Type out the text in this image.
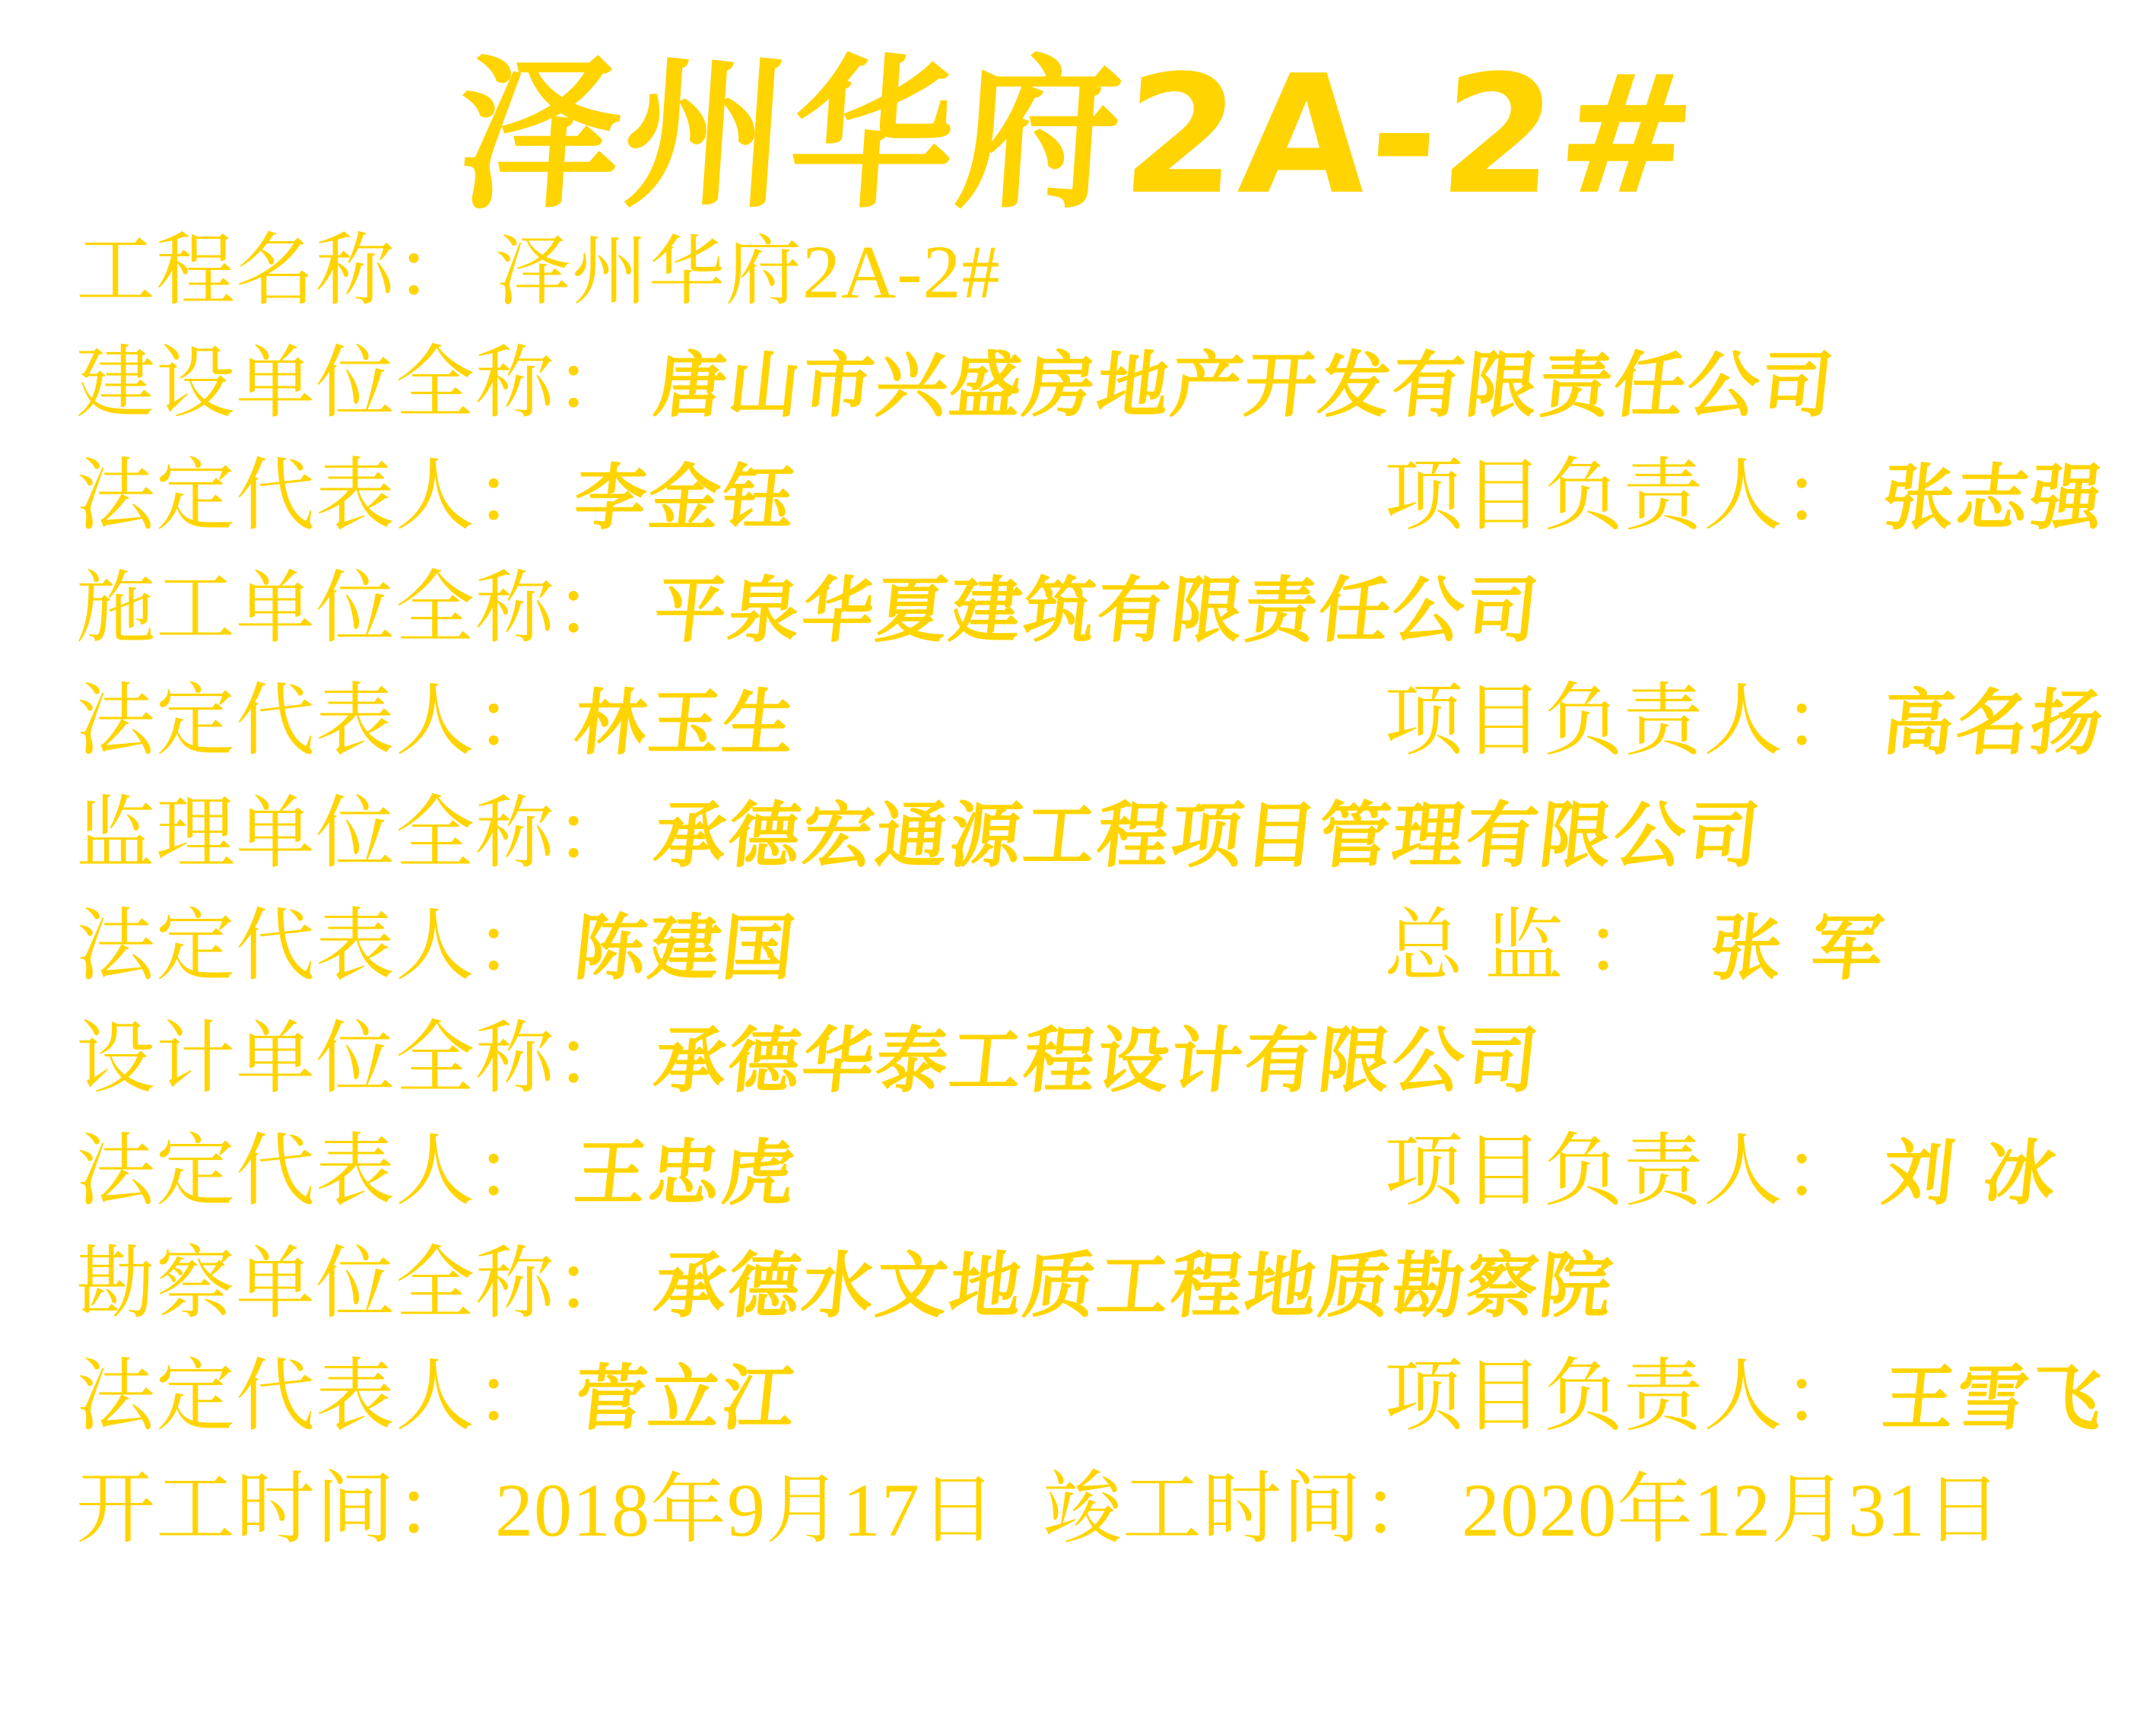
泽州华府2A-2#
工程名称： 泽州华府2A-2#
建设单位全称： 唐山市兴盛房地产开发有限责任公司
法定代表人： 李金钰	项目负责人： 张志强
施工单位全称： 平泉华夏建筑有限责任公司
法定代表人： 林玉生	项目负责人： 高名扬
监理单位全称： 承德宏通源工程项目管理有限公司
法定代表人： 陈建国	总 监 ： 张 军
设计单位全称： 承德华泰工程设计有限公司
法定代表人： 王忠虎	项目负责人： 刘 冰
勘察单位全称： 承德水文地质工程地质勘察院
法定代表人： 菅立江	项目负责人： 王雪飞
开工时间： 2018年9月17日 竣工时间： 2020年12月31日
